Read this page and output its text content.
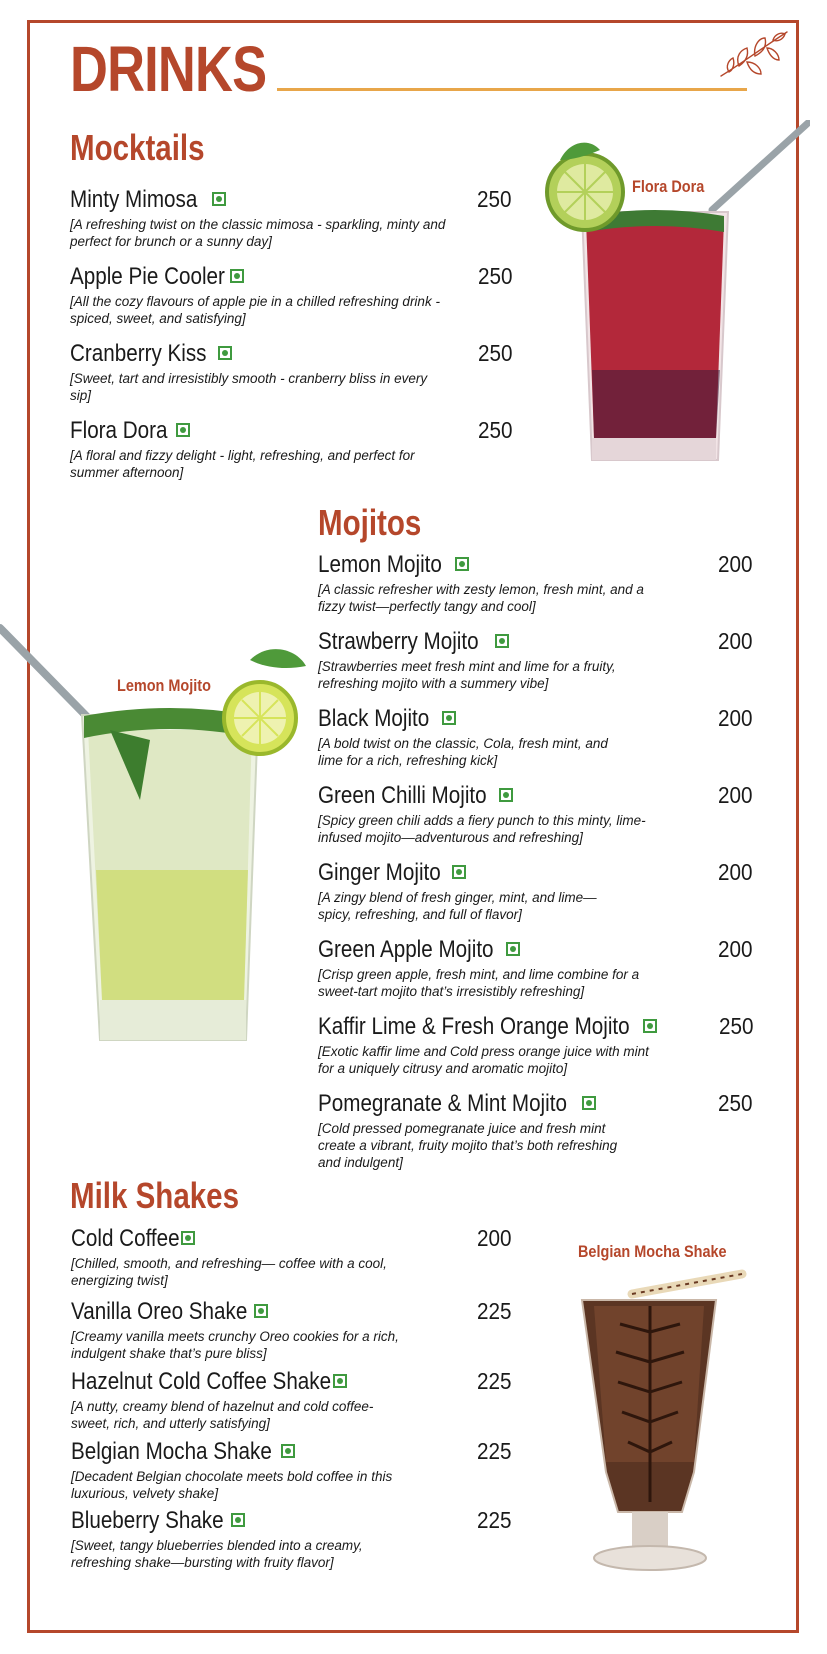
DRINKS
Mocktails
Minty Mimosa	250
[A refreshing twist on the classic mimosa - sparkling, minty and perfect for brunch or a sunny day]
Apple Pie Cooler	250
[All the cozy flavours of apple pie in a chilled refreshing drink - spiced, sweet, and satisfying]
Cranberry Kiss	250
[Sweet, tart and irresistibly smooth - cranberry bliss in every sip]
Flora Dora	250
[A floral and fizzy delight - light, refreshing, and perfect for summer afternoon]
Flora Dora
Mojitos
Lemon Mojito	200
[A classic refresher with zesty lemon, fresh mint, and a fizzy twist—perfectly tangy and cool]
Strawberry Mojito	200
[Strawberries meet fresh mint and lime for a fruity, refreshing mojito with a summery vibe]
Black Mojito	200
[A bold twist on the classic, Cola, fresh mint, and lime for a rich, refreshing kick]
Green Chilli Mojito	200
[Spicy green chili adds a fiery punch to this minty, lime-infused mojito—adventurous and refreshing]
Ginger Mojito	200
[A zingy blend of fresh ginger, mint, and lime—spicy, refreshing, and full of flavor]
Green Apple Mojito	200
[Crisp green apple, fresh mint, and lime combine for a sweet-tart mojito that’s irresistibly refreshing]
Kaffir Lime & Fresh Orange Mojito	250
[Exotic kaffir lime and Cold press orange juice with mint for a uniquely citrusy and aromatic mojito]
Pomegranate & Mint Mojito	250
[Cold pressed pomegranate juice and fresh mint create a vibrant, fruity mojito that’s both refreshing and indulgent]
Lemon Mojito
Milk Shakes
Cold Coffee	200
[Chilled, smooth, and refreshing— coffee with a cool, energizing twist]
Vanilla Oreo Shake	225
[Creamy vanilla meets crunchy Oreo cookies for a rich, indulgent shake that’s pure bliss]
Hazelnut Cold Coffee Shake	225
[A nutty, creamy blend of hazelnut and cold coffee-sweet, rich, and utterly satisfying]
Belgian Mocha Shake	225
[Decadent Belgian chocolate meets bold coffee in this luxurious, velvety shake]
Blueberry Shake	225
[Sweet, tangy blueberries blended into a creamy, refreshing shake—bursting with fruity flavor]
Belgian Mocha Shake
